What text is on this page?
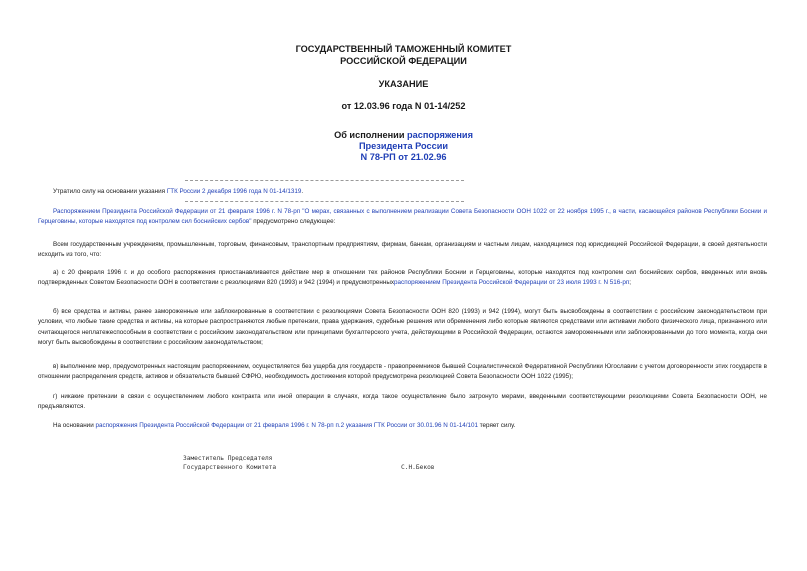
ГОСУДАРСТВЕННЫЙ ТАМОЖЕННЫЙ КОМИТЕТ
РОССИЙСКОЙ ФЕДЕРАЦИИ
УКАЗАНИЕ
от 12.03.96 года N 01-14/252
Об исполнении распоряжения
Президента России
N 78-РП от 21.02.96
Утратило силу на основании указания ГТК России 2 декабря 1996 года N 01-14/1319.
Распоряжением Президента Российской Федерации от 21 февраля 1996 г. N 78-рп "О мерах, связанных с выполнением реализации Совета Безопасности ООН 1022 от 22 ноября 1995 г., в части, касающейся районов Республики Боснии и Герцеговины, которые находятся под контролем сил боснийских сербов" предусмотрено следующее:
Всем государственным учреждениям, промышленным, торговым, финансовым, транспортным предприятиям, фирмам, банкам, организациям и частным лицам, находящимся под юрисдикцией Российской Федерации, в своей деятельности исходить из того, что:
а) с 20 февраля 1996 г. и до особого распоряжения приостанавливается действие мер в отношении тех районов Республики Боснии и Герцеговины, которые находятся под контролем сил боснийских сербов, введенных или вновь подтвержденных Советом Безопасности ООН в соответствии с резолюциями 820 (1993) и 942 (1994) и предусмотренныхраспоряжением Президента Российской Федерации от 23 июля 1993 г. N 516-рп;
б) все средства и активы, ранее замороженные или заблокированные в соответствии с резолюциями Совета Безопасности ООН 820 (1993) и 942 (1994), могут быть высвобождены в соответствии с российским законодательством при условии, что любые такие средства и активы, на которые распространяются любые претензии, права удержания, судебные решения или обременения либо которые являются средствами или активами любого физического лица, признанного или считающегося неплатежеспособным в соответствии с российским законодательством или принципами бухгалтерского учета, действующими в Российской Федерации, остаются замороженными или заблокированными до того момента, когда они могут быть высвобождены в соответствии с российским законодательством;
в) выполнение мер, предусмотренных настоящим распоряжением, осуществляется без ущерба для государств - правопреемников бывшей Социалистической Федеративной Республики Югославии с учетом договоренности этих государств в отношении распределения средств, активов и обязательств бывшей СФРЮ, необходимость достижения которой предусмотрена резолюцией Совета Безопасности ООН 1022 (1995);
г) никакие претензии в связи с осуществлением любого контракта или иной операции в случаях, когда такое осуществление было затронуто мерами, введенными соответствующими резолюциями Совета Безопасности ООН, не предъявляются.
На основании распоряжения Президента Российской Федерации от 21 февраля 1996 г. N 78-рп п.2 указания ГТК России от 30.01.96 N 01-14/101 теряет силу.
Заместитель Председателя
Государственного Комитета	С.Н.Беков
